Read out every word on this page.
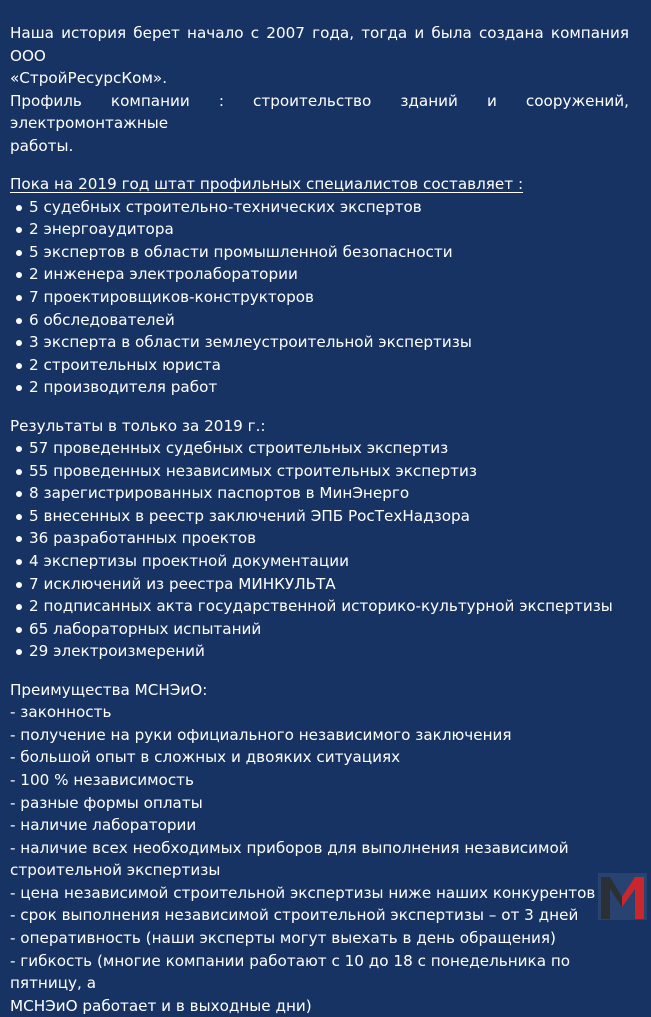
Наша история берет начало с 2007 года, тогда и была создана компания ООО

«СтройРесурсКом».

Профиль компании : строительство зданий и сооружений, электромонтажные

работы.

Пока на 2019 год штат профильных специалистов составляет :

5 судебных строительно-технических экспертов
2 энергоаудитора
5 экспертов в области промышленной безопасности
2 инженера электролаборатории
7 проектировщиков-конструкторов
6 обследователей
3 эксперта в области землеустроительной экспертизы
2 строительных юриста
2 производителя работ

Результаты в только за 2019 г.:

57 проведенных судебных строительных экспертиз
55 проведенных независимых строительных экспертиз
8 зарегистрированных паспортов в МинЭнерго
5 внесенных в реестр заключений ЭПБ РосТехНадзора
36 разработанных проектов
4 экспертизы проектной документации
7 исключений из реестра МИНКУЛЬТА
2 подписанных акта государственной историко-культурной экспертизы
65 лабораторных испытаний
29 электроизмерений

Преимущества МСНЭиО:

- законность

- получение на руки официального независимого заключения

- большой опыт в сложных и двояких ситуациях

- 100 % независимость

- разные формы оплаты

- наличие лаборатории

- наличие всех необходимых приборов для выполнения независимой

строительной экспертизы

- цена независимой строительной экспертизы ниже наших конкурентов

- срок выполнения независимой строительной экспертизы – от 3 дней

- оперативность (наши эксперты могут выехать в день обращения)

- гибкость (многие компании работают с 10 до 18 с понедельника по пятницу, а

МСНЭиО работает и в выходные дни)
